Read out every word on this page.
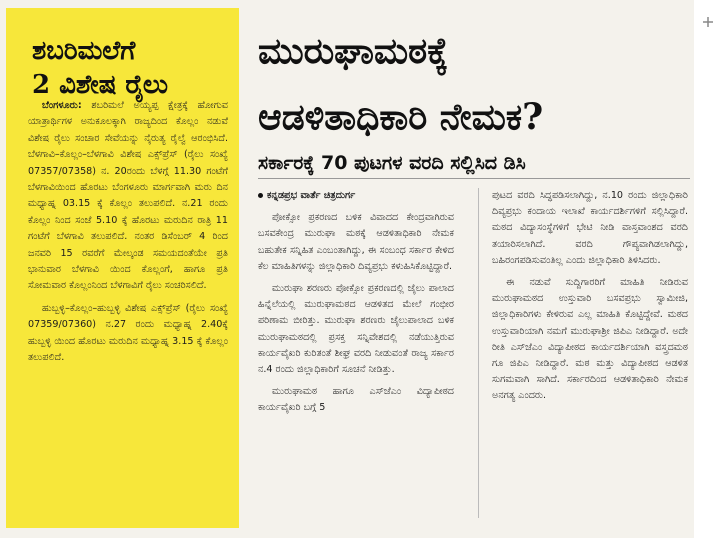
ಶಬರಿಮಲೆಗೆ
2 ವಿಶೇಷ ರೈಲು

ಬೆಂಗಳೂರು: ಶಬರಿಮಲೆ ಅಯ್ಯಪ್ಪ ಕ್ಷೇತ್ರಕ್ಕೆ ಹೋಗುವ ಯಾತ್ರಾರ್ಥಿಗಳ ಅನುಕೂಲಕ್ಕಾಗಿ ರಾಜ್ಯದಿಂದ ಕೊಲ್ಲಂ ನಡುವೆ ವಿಶೇಷ ರೈಲು ಸಂಚಾರ ಸೇವೆಯನ್ನು ನೈರುತ್ಯ ರೈಲ್ವೆ ಆರಂಭಿಸಿದೆ. ಬೆಳಗಾವಿ–ಕೊಲ್ಲಂ–ಬೆಳಗಾವಿ ವಿಶೇಷ ಎಕ್ಸ್‌ಪ್ರೆಸ್ (ರೈಲು ಸಂಖ್ಯೆ 07357/07358) ನ. 20ರಂದು ಬೆಳಗ್ಗೆ 11.30 ಗಂಟೆಗೆ ಬೆಳಗಾವಿಯಿಂದ ಹೊರಟು ಬೆಂಗಳೂರು ಮಾರ್ಗವಾಗಿ ಮರು ದಿನ ಮಧ್ಯಾಹ್ನ 03.15 ಕ್ಕೆ ಕೊಲ್ಲಂ ತಲುಪಲಿದೆ. ನ.21 ರಂದು ಕೊಲ್ಲಂ ನಿಂದ ಸಂಜೆ 5.10 ಕ್ಕೆ ಹೊರಟು ಮರುದಿನ ರಾತ್ರಿ 11 ಗಂಟೆಗೆ ಬೆಳಗಾವಿ ತಲುಪಲಿದೆ. ನಂತರ ಡಿಸೆಂಬರ್ 4 ರಿಂದ ಜನವರಿ 15 ರವರೆಗೆ ಮೇಲ್ಕಂಡ ಸಮಯದಂತೆಯೇ ಪ್ರತಿ ಭಾನುವಾರ ಬೆಳಗಾವಿ ಯಿಂದ ಕೊಲ್ಲಂಗೆ, ಹಾಗೂ ಪ್ರತಿ ಸೋಮವಾರ ಕೊಲ್ಲಂನಿಂದ ಬೆಳಗಾವಿಗೆ ರೈಲು ಸಂಚರಿಸಲಿದೆ.

ಹುಬ್ಬಳ್ಳಿ–ಕೊಲ್ಲಂ–ಹುಬ್ಬಳ್ಳಿ ವಿಶೇಷ ಎಕ್ಸ್‌ಪ್ರೆಸ್ (ರೈಲು ಸಂಖ್ಯೆ 07359/07360) ನ.27 ರಂದು ಮಧ್ಯಾಹ್ನ 2.40ಕ್ಕೆ ಹುಬ್ಬಳ್ಳಿ ಯಿಂದ ಹೊರಟು ಮರುದಿನ ಮಧ್ಯಾಹ್ನ 3.15 ಕ್ಕೆ ಕೊಲ್ಲಂ ತಲುಪಲಿದೆ.

ಮುರುಘಾಮಠಕ್ಕೆ
ಆಡಳಿತಾಧಿಕಾರಿ ನೇಮಕ?
ಸರ್ಕಾರಕ್ಕೆ 70 ಪುಟಗಳ ವರದಿ ಸಲ್ಲಿಸಿದ ಡಿಸಿ

ಕನ್ನಡಪ್ರಭ ವಾರ್ತೆ ಚಿತ್ರದುರ್ಗ

ಪೋಕ್ಸೋ ಪ್ರಕರಣದ ಬಳಿಕ ವಿವಾದದ ಕೇಂದ್ರವಾಗಿರುವ ಬಸವಕೇಂದ್ರ ಮುರುಘಾ ಮಠಕ್ಕೆ ಆಡಳಿತಾಧಿಕಾರಿ ನೇಮಕ ಬಹುತೇಕ ಸನ್ನಿಹಿತ ಎಂಬಂತಾಗಿದ್ದು, ಈ ಸಂಬಂಧ ಸರ್ಕಾರ ಕೇಳಿದ ಕೆಲ ಮಾಹಿತಿಗಳನ್ನು ಜಿಲ್ಲಾಧಿಕಾರಿ ದಿವ್ಯಪ್ರಭು ಕಳುಹಿಸಿಕೊಟ್ಟಿದ್ದಾರೆ.

ಮುರುಘಾ ಶರಣರು ಪೋಕ್ಸೋ ಪ್ರಕರಣದಲ್ಲಿ ಜೈಲು ಪಾಲಾದ ಹಿನ್ನೆಲೆಯಲ್ಲಿ ಮುರುಘಾಮಠದ ಆಡಳಿತದ ಮೇಲೆ ಗಂಭೀರ ಪರಿಣಾಮ ಬೀರಿತ್ತು. ಮುರುಘಾ ಶರಣರು ಜೈಲುಪಾಲಾದ ಬಳಿಕ ಮುರುಘಾಮಠದಲ್ಲಿ ಪ್ರಸಕ್ತ ಸನ್ನಿವೇಶದಲ್ಲಿ ನಡೆಯುತ್ತಿರುವ ಕಾರ್ಯವೈಖರಿ ಕುರಿತಂತೆ ಶೀಘ್ರ ವರದಿ ನೀಡುವಂತೆ ರಾಜ್ಯ ಸರ್ಕಾರ ನ.4 ರಂದು ಜಿಲ್ಲಾಧಿಕಾರಿಗೆ ಸೂಚನೆ ನೀಡಿತ್ತು.

ಮುರುಘಾಮಠ ಹಾಗೂ ಎಸ್‌ಜೆಎಂ ವಿದ್ಯಾಪೀಠದ ಕಾರ್ಯವೈಖರಿ ಬಗ್ಗೆ 5

ಪುಟದ ವರದಿ ಸಿದ್ಧಪಡಿಸಲಾಗಿದ್ದು, ನ.10 ರಂದು ಜಿಲ್ಲಾಧಿಕಾರಿ ದಿವ್ಯಪ್ರಭು ಕಂದಾಯ ಇಲಾಖೆ ಕಾರ್ಯದರ್ಶಿಗಳಿಗೆ ಸಲ್ಲಿಸಿದ್ದಾರೆ. ಮಠದ ವಿದ್ಯಾಸಂಸ್ಥೆಗಳಿಗೆ ಭೇಟಿ ನೀಡಿ ವಾಸ್ತವಾಂಶದ ವರದಿ ತಯಾರಿಸಲಾಗಿದೆ. ವರದಿ ಗೌಪ್ಯವಾಗಿಡಲಾಗಿದ್ದು, ಬಹಿರಂಗಪಡಿಸುವಂತಿಲ್ಲ ಎಂದು ಜಿಲ್ಲಾಧಿಕಾರಿ ತಿಳಿಸಿದರು.

ಈ ನಡುವೆ ಸುದ್ದಿಗಾರರಿಗೆ ಮಾಹಿತಿ ನೀಡಿರುವ ಮುರುಘಾಮಠದ ಉಸ್ತುವಾರಿ ಬಸವಪ್ರಭು ಸ್ವಾಮೀಜಿ, ಜಿಲ್ಲಾಧಿಕಾರಿಗಳು ಕೇಳಿರುವ ಎಲ್ಲ ಮಾಹಿತಿ ಕೊಟ್ಟಿದ್ದೇವೆ. ಮಠದ ಉಸ್ತುವಾರಿಯಾಗಿ ನಮಗೆ ಮುರುಘಾಶ್ರೀ ಜಿಪಿಎ ನೀಡಿದ್ದಾರೆ. ಅದೇ ರೀತಿ ಎಸ್‌ಜೆಎಂ ವಿದ್ಯಾಪೀಠದ ಕಾರ್ಯದರ್ಶಿಯಾಗಿ ವಸ್ತ್ರದಮಠ ಗೂ ಜಿಪಿಎ ನೀಡಿದ್ದಾರೆ. ಮಠ ಮತ್ತು ವಿದ್ಯಾಪೀಠದ ಆಡಳಿತ ಸುಗಮವಾಗಿ ಸಾಗಿದೆ. ಸರ್ಕಾರದಿಂದ ಆಡಳಿತಾಧಿಕಾರಿ ನೇಮಕ ಅನಗತ್ಯ ಎಂದರು.
